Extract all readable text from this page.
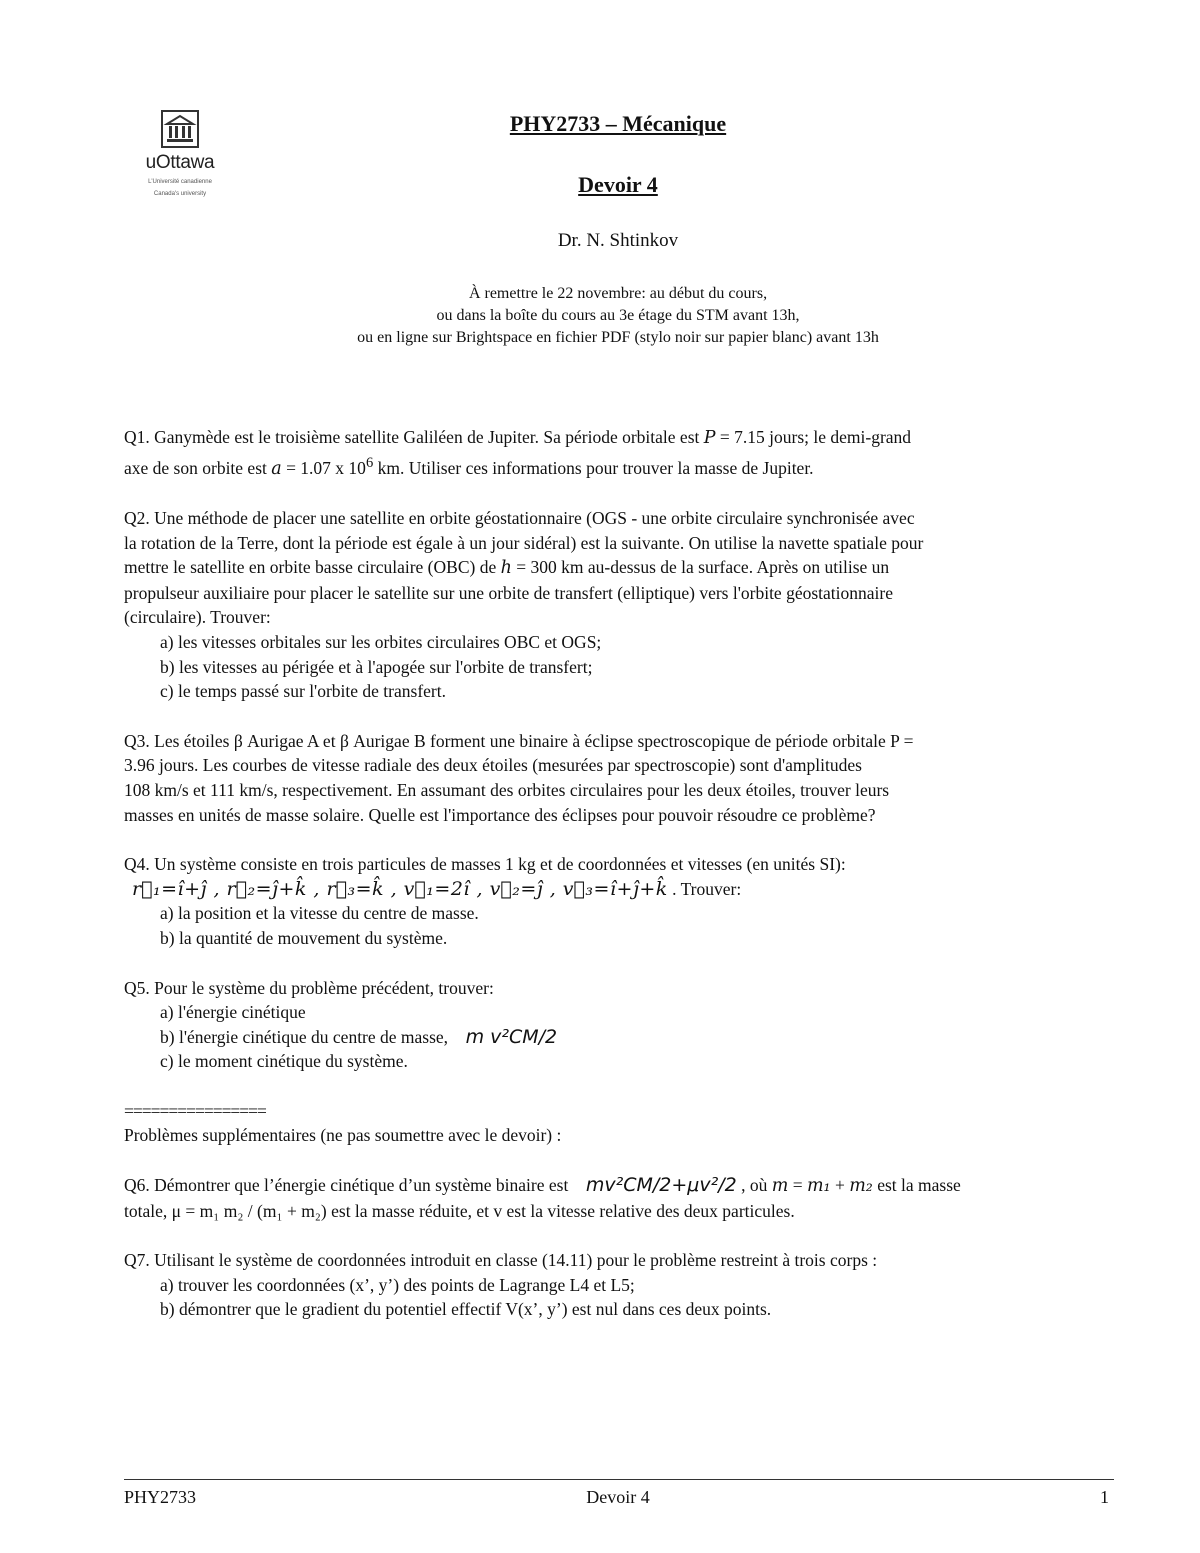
uOttawa
L'Université canadienne
Canada's university
PHY2733 – Mécanique
Devoir 4
Dr. N. Shtinkov
À remettre le 22 novembre: au début du cours,
ou dans la boîte du cours au 3e étage du STM avant 13h,
ou en ligne sur Brightspace en fichier PDF (stylo noir sur papier blanc) avant 13h

Q1. Ganymède est le troisième satellite Galiléen de Jupiter. Sa période orbitale est P = 7.15 jours; le demi-grand

axe de son orbite est a = 1.07 x $10^6$ km. Utiliser ces informations pour trouver la masse de Jupiter.

Q2. Une méthode de placer une satellite en orbite géostationnaire (OGS - une orbite circulaire synchronisée avec

la rotation de la Terre, dont la période est égale à un jour sidéral) est la suivante. On utilise la navette spatiale pour

mettre le satellite en orbite basse circulaire (OBC) de h = 300 km au-dessus de la surface. Après on utilise un

propulseur auxiliaire pour placer le satellite sur une orbite de transfert (elliptique) vers l'orbite géostationnaire

(circulaire). Trouver:

a) les vitesses orbitales sur les orbites circulaires OBC et OGS;

b) les vitesses au périgée et à l'apogée sur l'orbite de transfert;

c) le temps passé sur l'orbite de transfert.

Q3. Les étoiles β Aurigae A et β Aurigae B forment une binaire à éclipse spectroscopique de période orbitale P =

3.96 jours. Les courbes de vitesse radiale des deux étoiles (mesurées par spectroscopie) sont d'amplitudes

108 km/s et 111 km/s, respectivement. En assumant des orbites circulaires pour les deux étoiles, trouver leurs

masses en unités de masse solaire. Quelle est l'importance des éclipses pour pouvoir résoudre ce problème?

Q4. Un système consiste en trois particules de masses 1 kg et de coordonnées et vitesses (en unités SI):

r⃗₁=î+ĵ , r⃗₂=ĵ+k̂ , r⃗₃=k̂ , v⃗₁=2î , v⃗₂=ĵ , v⃗₃=î+ĵ+k̂ . Trouver:

a) la position et la vitesse du centre de masse.

b) la quantité de mouvement du système.

Q5. Pour le système du problème précédent, trouver:

a) l'énergie cinétique

b) l'énergie cinétique du centre de masse, m v²CM/2

c) le moment cinétique du système.

================

Problèmes supplémentaires (ne pas soumettre avec le devoir) :

Q6. Démontrer que l’énergie cinétique d’un système binaire est mv²CM/2+μv²/2 , où m = m₁ + m₂ est la masse

totale, μ = m₁ m₂ / (m₁ + m₂) est la masse réduite, et v est la vitesse relative des deux particules.

Q7. Utilisant le système de coordonnées introduit en classe (14.11) pour le problème restreint à trois corps :

a) trouver les coordonnées (x’, y’) des points de Lagrange L4 et L5;

b) démontrer que le gradient du potentiel effectif V(x’, y’) est nul dans ces deux points.

PHY2733	Devoir 4	1
